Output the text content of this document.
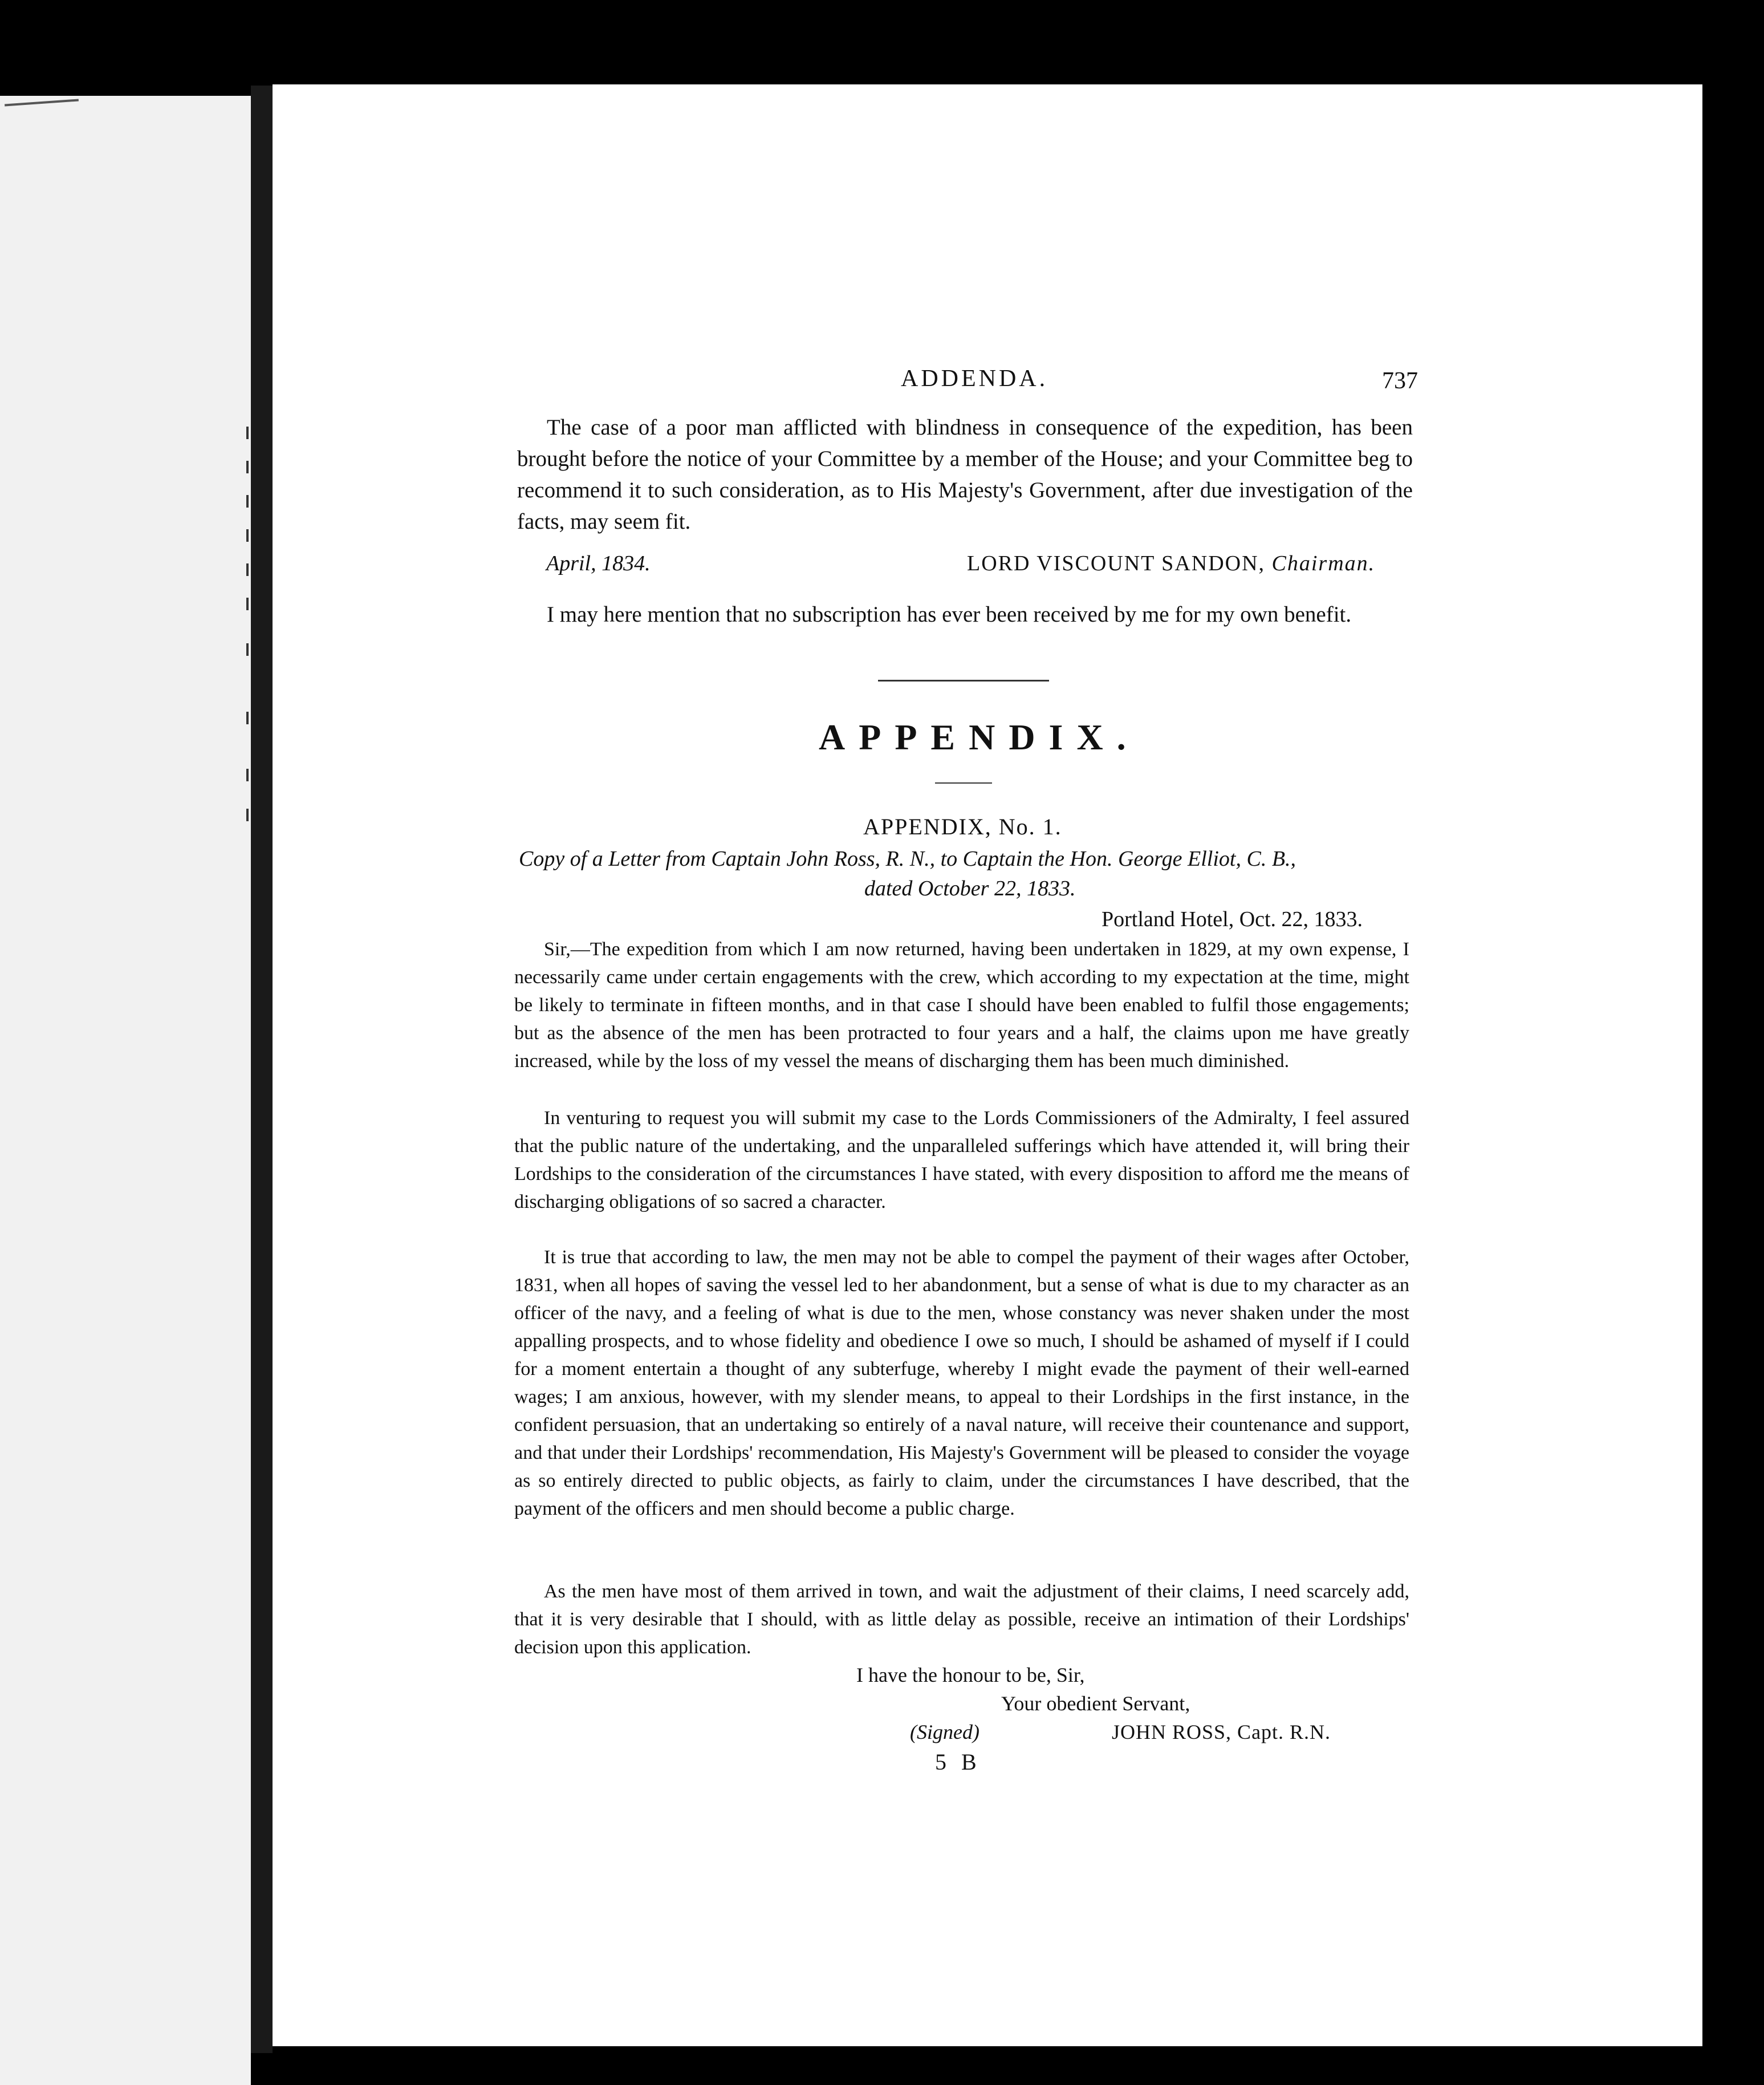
ADDENDA.	737

The case of a poor man afflicted with blindness in consequence of the expedition, has been brought before the notice of your Committee by a member of the House; and your Committee beg to recommend it to such consideration, as to His Majesty's Government, after due investigation of the facts, may seem fit.

April, 1834.	LORD VISCOUNT SANDON, Chairman.

I may here mention that no subscription has ever been received by me for my own benefit.

APPENDIX.
APPENDIX, No. 1.
Copy of a Letter from Captain John Ross, R. N., to Captain the Hon. George Elliot, C. B.,
dated October 22, 1833.
Portland Hotel, Oct. 22, 1833.

Sir,—The expedition from which I am now returned, having been undertaken in 1829, at my own expense, I necessarily came under certain engagements with the crew, which according to my expectation at the time, might be likely to terminate in fifteen months, and in that case I should have been enabled to fulfil those engagements; but as the absence of the men has been protracted to four years and a half, the claims upon me have greatly increased, while by the loss of my vessel the means of discharging them has been much diminished.

In venturing to request you will submit my case to the Lords Commissioners of the Admiralty, I feel assured that the public nature of the undertaking, and the unparalleled sufferings which have attended it, will bring their Lordships to the consideration of the circumstances I have stated, with every disposition to afford me the means of discharging obligations of so sacred a character.

It is true that according to law, the men may not be able to compel the payment of their wages after October, 1831, when all hopes of saving the vessel led to her abandonment, but a sense of what is due to my character as an officer of the navy, and a feeling of what is due to the men, whose constancy was never shaken under the most appalling prospects, and to whose fidelity and obedience I owe so much, I should be ashamed of myself if I could for a moment entertain a thought of any subterfuge, whereby I might evade the payment of their well-earned wages; I am anxious, however, with my slender means, to appeal to their Lordships in the first instance, in the confident persuasion, that an undertaking so entirely of a naval nature, will receive their countenance and support, and that under their Lordships' recommendation, His Majesty's Government will be pleased to consider the voyage as so entirely directed to public objects, as fairly to claim, under the circumstances I have described, that the payment of the officers and men should become a public charge.

As the men have most of them arrived in town, and wait the adjustment of their claims, I need scarcely add, that it is very desirable that I should, with as little delay as possible, receive an intimation of their Lordships' decision upon this application.

I have the honour to be, Sir,
Your obedient Servant,
(Signed)	JOHN ROSS, Capt. R.N.
5 B
